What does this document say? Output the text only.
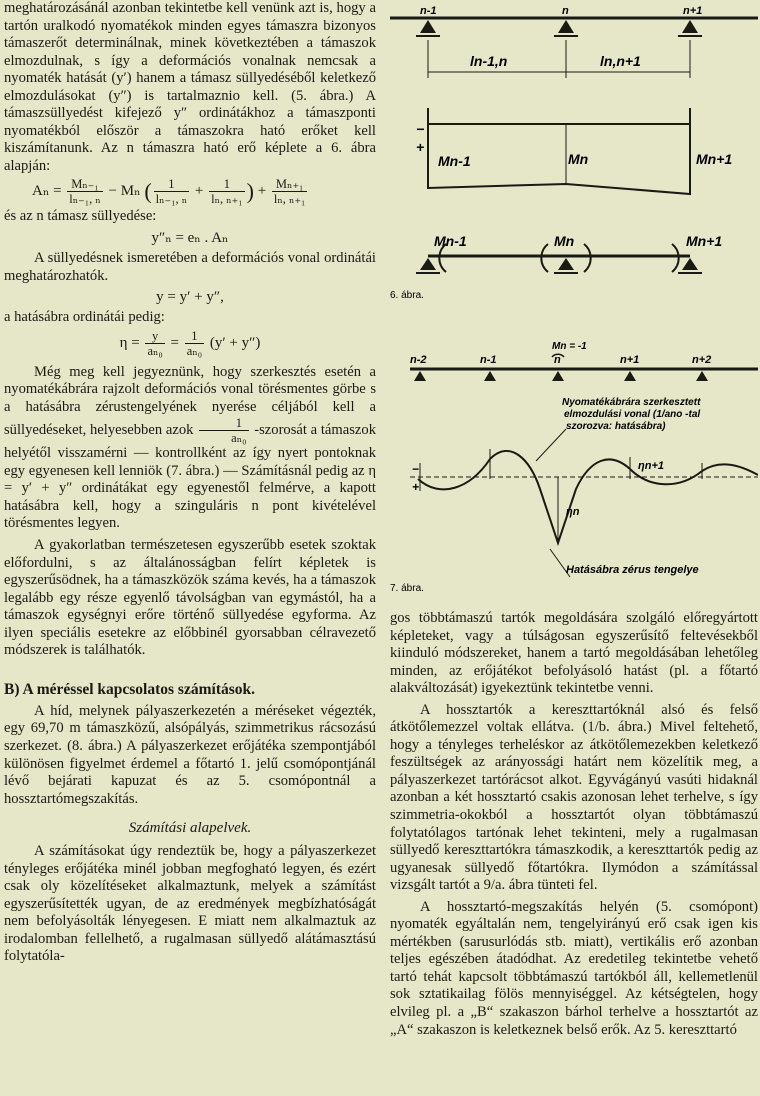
meghatározásánál azonban tekintetbe kell venünk azt is, hogy a tartón uralkodó nyomatékok minden egyes támaszra bizonyos támaszerőt determinálnak, minek következtében a támaszok elmozdulnak, s így a deformációs vonalnak nemcsak a nyomaték hatását (y′) hanem a támasz süllyedéséből keletkező elmozdulásokat (y″) is tartalmaznio kell. (5. ábra.) A támaszsüllyedést kifejező y″ ordinátákhoz a támaszponti nyomatékból először a támaszokra ható erőket kell kiszámítanunk. Az n támaszra ható erő képlete a 6. ábra alapján:

$A_n = \frac{\text{Mₙ₋₁}}{\text{lₙ₋₁, ₙ}} - M_n$ ( $\frac{1}{\text{lₙ₋₁, ₙ}} + \frac{1}{\text{lₙ, ₙ₊₁}}$ ) + $\frac{\text{Mₙ₊₁}}{\text{lₙ, ₙ₊₁}}$

és az n támasz süllyedése:

y″ₙ = eₙ . Aₙ

A süllyedésnek ismeretében a deformációs vonal ordinátái meghatározhatók.

y = y′ + y″,

a hatásábra ordinátái pedig:

$\eta = \frac{y}{\text{aₙ₀}} = \frac{1}{\text{aₙ₀}} (y' + y'')$

Még meg kell jegyeznünk, hogy szerkesztés esetén a nyomatékábrára rajzolt deformációs vonal törésmentes görbe s a hatásábra zérustengelyének nyerése céljából kell a süllyedéseket, helyesebben azok $\frac{1}{\text{aₙ₀}}$ -szorosát a támaszok helyétől visszamérni — kontrollként az így nyert pontoknak egy egyenesen kell lenniök (7. ábra.) — Számításnál pedig az η = y′ + y″ ordinátákat egy egyenestől felmérve, a kapott hatásábra kell, hogy a szinguláris n pont kivételével törésmentes legyen.

A gyakorlatban természetesen egyszerűbb esetek szoktak előfordulni, s az általánosságban felírt képletek is egyszerűsödnek, ha a támaszközök száma kevés, ha a támaszok legalább egy része egyenlő távolságban van egymástól, ha a támaszok egységnyi erőre történő süllyedése egyforma. Az ilyen speciális esetekre az előbbinél gyorsabban célravezető módszerek is találhatók.

B) A méréssel kapcsolatos számítások.

A híd, melynek pályaszerkezetén a méréseket végezték, egy 69,70 m támaszközű, alsópályás, szimmetrikus rácsozású szerkezet. (8. ábra.) A pályaszerkezet erőjátéka szempontjából különösen figyelmet érdemel a főtartó 1. jelű csomópontjánál lévő bejárati kapuzat és az 5. csomópontnál a hossztartómegszakítás.

Számítási alapelvek.

A számításokat úgy rendeztük be, hogy a pályaszerkezet tényleges erőjátéka minél jobban megfogható legyen, és ezért csak oly közelítéseket alkalmaztunk, melyek a számítást egyszerűsítették ugyan, de az eredmények megbízhatóságát nem befolyásolták lényegesen. E miatt nem alkalmaztuk az irodalomban fellelhető, a rugalmasan süllyedő alátámasztású folytatóla-

n-1	n	n+1
ln-1,n	ln,n+1
−
+
Mn-1	Mn	Mn+1
Mn-1	Mn	Mn+1
6. ábra.

n-2	n-1	n	n+1	n+2
Mn = -1
Nyomatékábrára szerkesztett
elmozdulási vonal (1/ano -tal
szorozva: hatásábra)
−
+
ηn+1
ηn
Hatásábra zérus tengelye
7. ábra.

gos többtámaszú tartók megoldására szolgáló előregyártott képleteket, vagy a túlságosan egyszerűsítő feltevésekből kiinduló módszereket, hanem a tartó megoldásában lehetőleg minden, az erőjátékot befolyásoló hatást (pl. a főtartó alakváltozását) igyekeztünk tekintetbe venni.

A hossztartók a kereszttartóknál alsó és felső átkötőlemezzel voltak ellátva. (1/b. ábra.) Mivel feltehető, hogy a tényleges terheléskor az átkötőlemezekben keletkező feszültségek az arányossági határt nem közelítik meg, a pályaszerkezet tartórácsot alkot. Egyvágányú vasúti hidaknál azonban a két hossztartó csakis azonosan lehet terhelve, s így szimmetria-okokból a hossztartót olyan többtámaszú folytatólagos tartónak lehet tekinteni, mely a rugalmasan süllyedő kereszttartókra támaszkodik, a kereszttartók pedig az ugyanesak süllyedő főtartókra. Ilymódon a számítással vizsgált tartót a 9/a. ábra tünteti fel.

A hossztartó-megszakítás helyén (5. csomópont) nyomaték egyáltalán nem, tengelyirányú erő csak igen kis mértékben (sarusurlódás stb. miatt), vertikális erő azonban teljes egészében átadódhat. Az eredetileg tekintetbe vehető tartó tehát kapcsolt többtámaszú tartókból áll, kellemetlenül sok sztatikailag fölös mennyiséggel. Az kétségtelen, hogy elvileg pl. a „B“ szakaszon bárhol terhelve a hossztartót az „A“ szakaszon is keletkeznek belső erők. Az 5. kereszttartó
